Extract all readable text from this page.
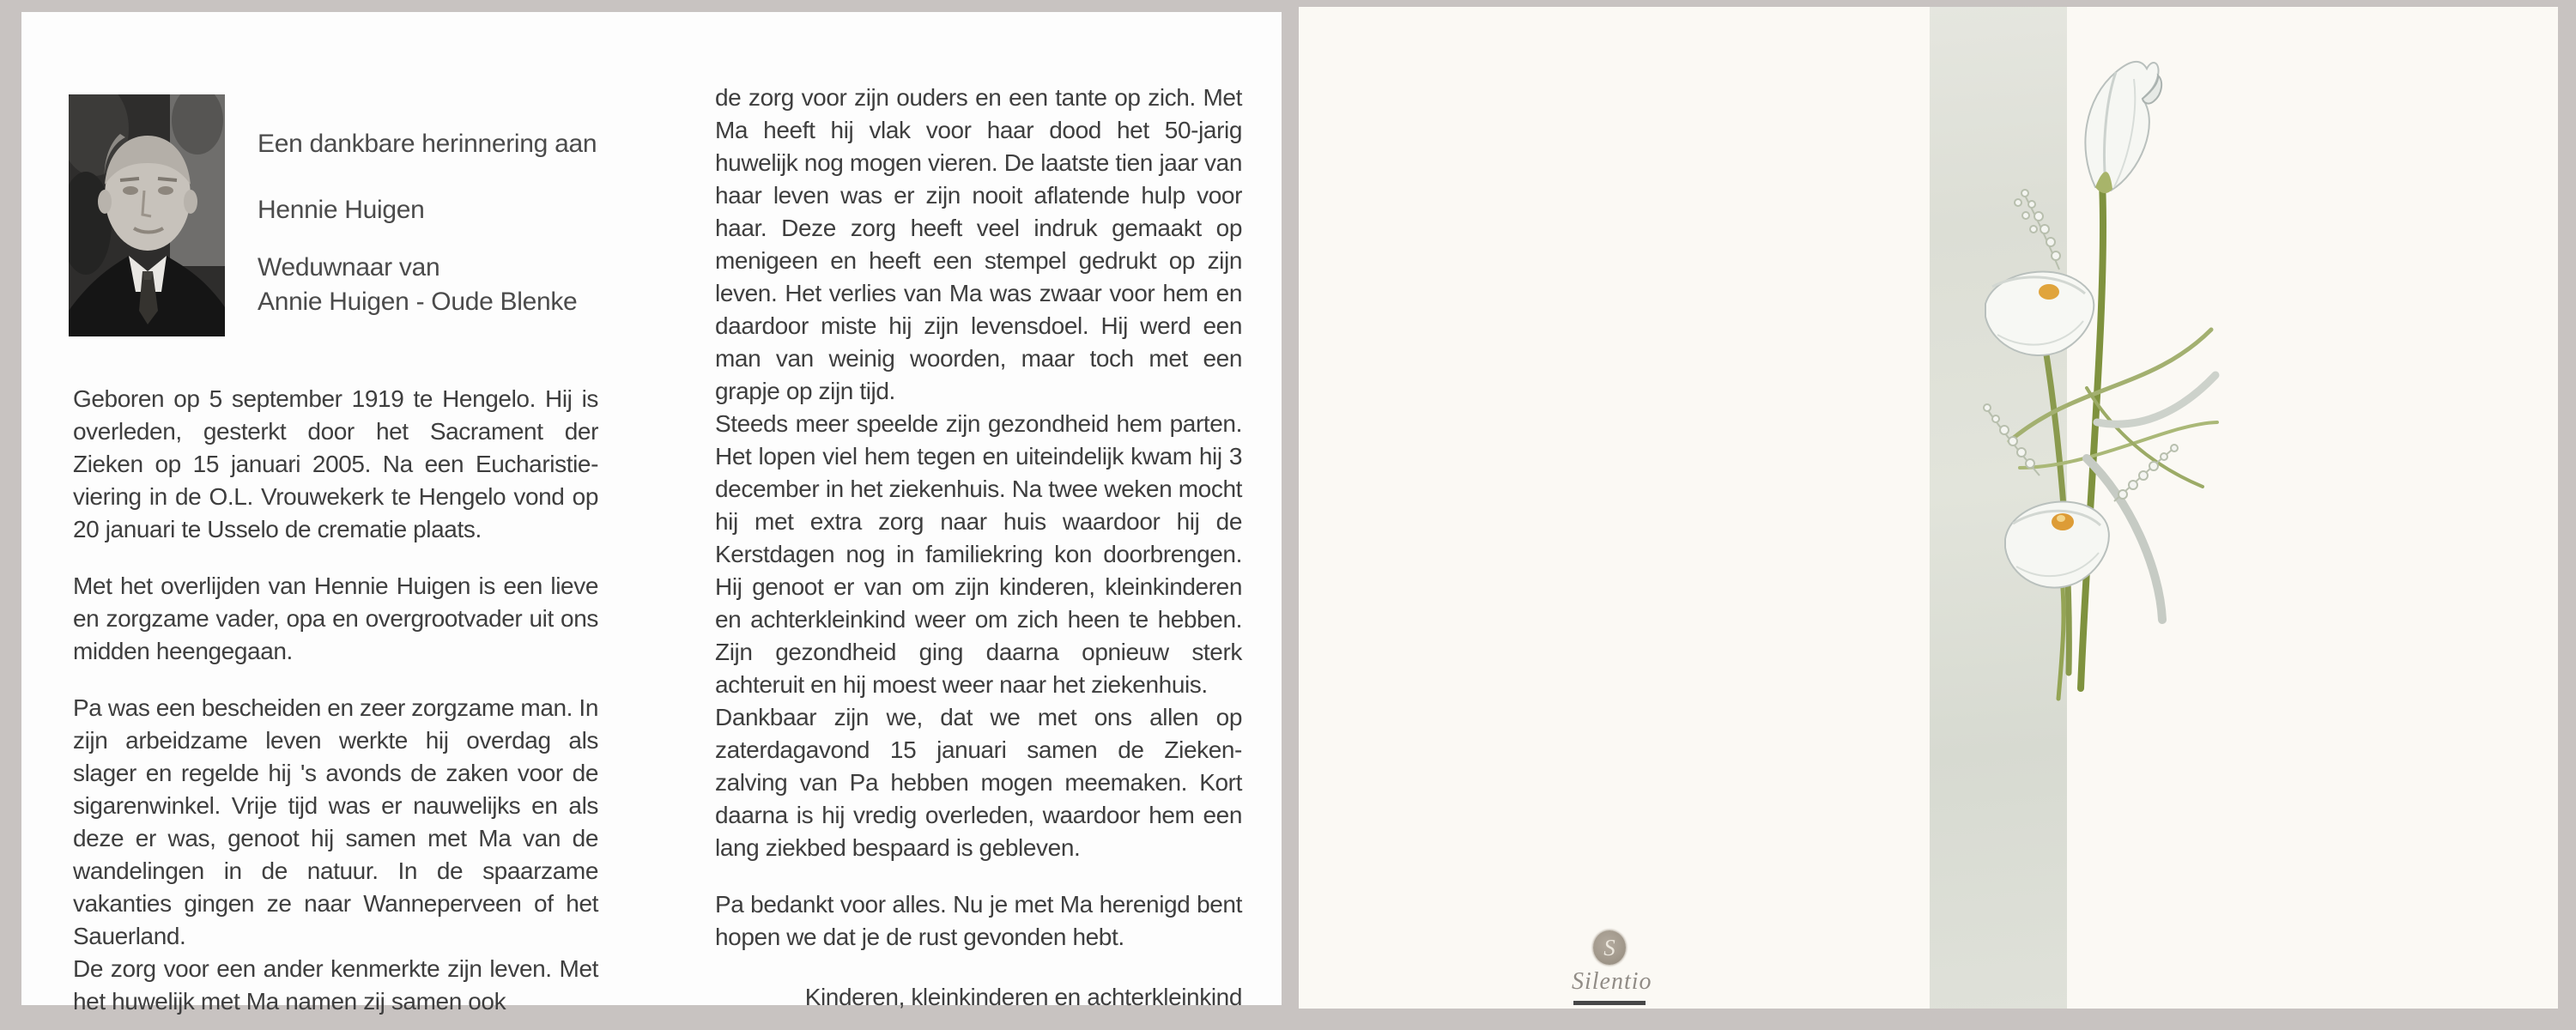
Een dankbare herinnering aan
Hennie Huigen
Weduwnaar van
Annie Huigen - Oude Blenke
Geboren op 5 september 1919 te Hengelo. Hij is overleden, gesterkt door het Sacrament der Zieken op 15 januari 2005. Na een Eucharistie-viering in de O.L. Vrouwekerk te Hengelo vond op 20 januari te Usselo de crematie plaats.
Met het overlijden van Hennie Huigen is een lieve en zorgzame vader, opa en overgrootvader uit ons midden heengegaan.
Pa was een bescheiden en zeer zorgzame man. In zijn arbeidzame leven werkte hij overdag als slager en regelde hij 's avonds de zaken voor de sigarenwinkel. Vrije tijd was er nauwelijks en als deze er was, genoot hij samen met Ma van de wandelingen in de natuur. In de spaarzame vakanties gingen ze naar Wanneperveen of het Sauerland.
De zorg voor een ander kenmerkte zijn leven. Met het huwelijk met Ma namen zij samen ook
de zorg voor zijn ouders en een tante op zich. Met Ma heeft hij vlak voor haar dood het 50-jarig huwelijk nog mogen vieren. De laatste tien jaar van haar leven was er zijn nooit aflatende hulp voor haar. Deze zorg heeft veel indruk gemaakt op menigeen en heeft een stempel gedrukt op zijn leven. Het verlies van Ma was zwaar voor hem en daardoor miste hij zijn levensdoel. Hij werd een man van weinig woorden, maar toch met een grapje op zijn tijd.
Steeds meer speelde zijn gezondheid hem parten. Het lopen viel hem tegen en uiteindelijk kwam hij 3 december in het ziekenhuis. Na twee weken mocht hij met extra zorg naar huis waardoor hij de Kerstdagen nog in familiekring kon doorbrengen. Hij genoot er van om zijn kinderen, kleinkinderen en achterkleinkind weer om zich heen te hebben. Zijn gezondheid ging daarna opnieuw sterk achteruit en hij moest weer naar het ziekenhuis.
Dankbaar zijn we, dat we met ons allen op zaterdagavond 15 januari samen de Zieken-zalving van Pa hebben mogen meemaken. Kort daarna is hij vredig overleden, waardoor hem een lang ziekbed bespaard is gebleven.
Pa bedankt voor alles. Nu je met Ma herenigd bent hopen we dat je de rust gevonden hebt.
Kinderen, kleinkinderen en achterkleinkind
S
Silentio
